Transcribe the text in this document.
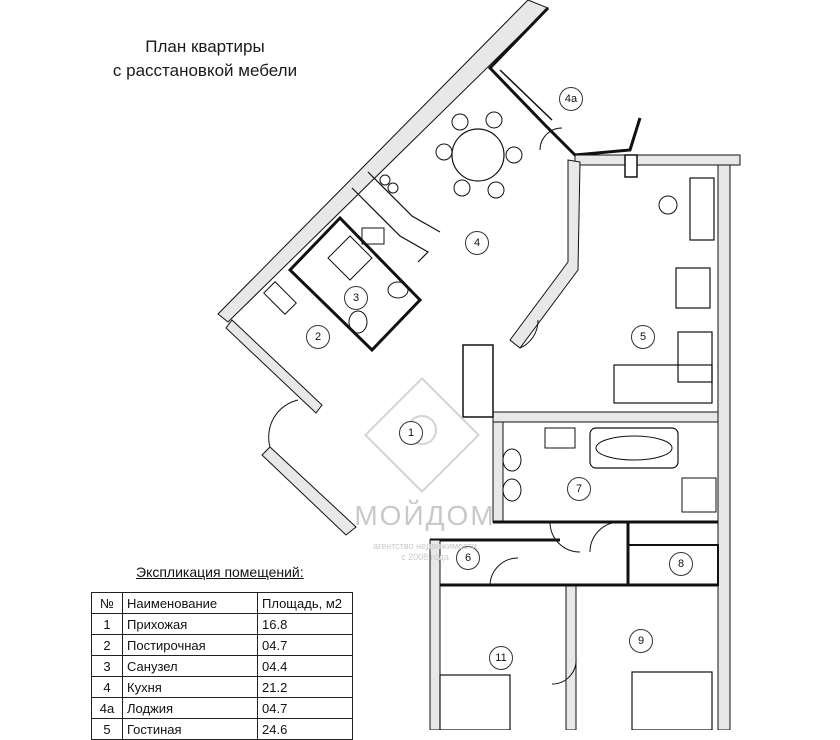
План квартиры
с расстановкой мебели
1
2
3
4
4а
5
6
7
8
9
11
МОЙДОМ
агентство недвижимости
с 2008 года
Экспликация помещений:
№	Наименование	Площадь, м2
1	Прихожая	16.8
2	Постирочная	04.7
3	Санузел	04.4
4	Кухня	21.2
4а	Лоджия	04.7
5	Гостиная	24.6
